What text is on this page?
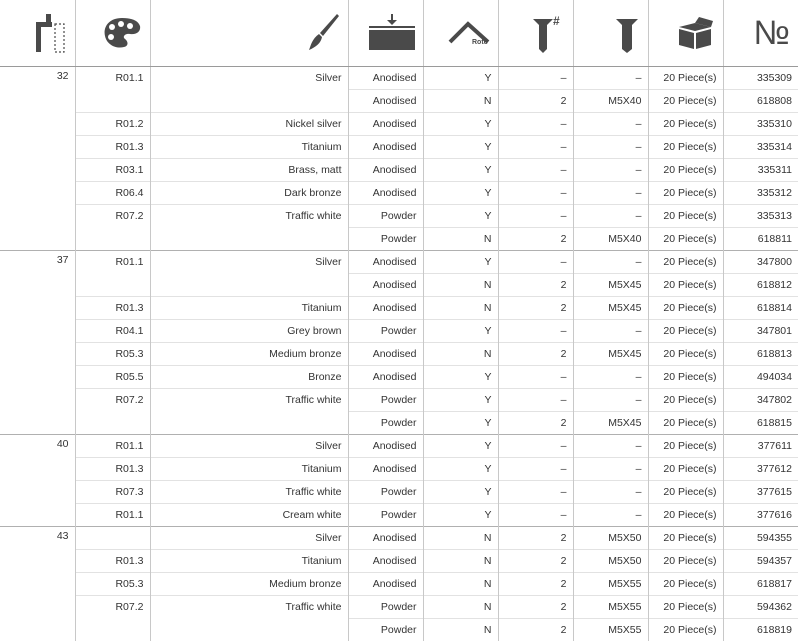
Roto	#			№

32	R01.1	Silver	Anodised	Y	–	–	20 Piece(s)	335309
			Anodised	N	2	M5X40	20 Piece(s)	618808
	R01.2	Nickel silver	Anodised	Y	–	–	20 Piece(s)	335310
	R01.3	Titanium	Anodised	Y	–	–	20 Piece(s)	335314
	R03.1	Brass, matt	Anodised	Y	–	–	20 Piece(s)	335311
	R06.4	Dark bronze	Anodised	Y	–	–	20 Piece(s)	335312
	R07.2	Traffic white	Powder	Y	–	–	20 Piece(s)	335313
			Powder	N	2	M5X40	20 Piece(s)	618811
37	R01.1	Silver	Anodised	Y	–	–	20 Piece(s)	347800
			Anodised	N	2	M5X45	20 Piece(s)	618812
	R01.3	Titanium	Anodised	N	2	M5X45	20 Piece(s)	618814
	R04.1	Grey brown	Powder	Y	–	–	20 Piece(s)	347801
	R05.3	Medium bronze	Anodised	N	2	M5X45	20 Piece(s)	618813
	R05.5	Bronze	Anodised	Y	–	–	20 Piece(s)	494034
	R07.2	Traffic white	Powder	Y	–	–	20 Piece(s)	347802
			Powder	Y	2	M5X45	20 Piece(s)	618815
40	R01.1	Silver	Anodised	Y	–	–	20 Piece(s)	377611
	R01.3	Titanium	Anodised	Y	–	–	20 Piece(s)	377612
	R07.3	Traffic white	Powder	Y	–	–	20 Piece(s)	377615
	R01.1	Cream white	Powder	Y	–	–	20 Piece(s)	377616
43		Silver	Anodised	N	2	M5X50	20 Piece(s)	594355
	R01.3	Titanium	Anodised	N	2	M5X50	20 Piece(s)	594357
	R05.3	Medium bronze	Anodised	N	2	M5X55	20 Piece(s)	618817
	R07.2	Traffic white	Powder	N	2	M5X55	20 Piece(s)	594362
			Powder	N	2	M5X55	20 Piece(s)	618819
